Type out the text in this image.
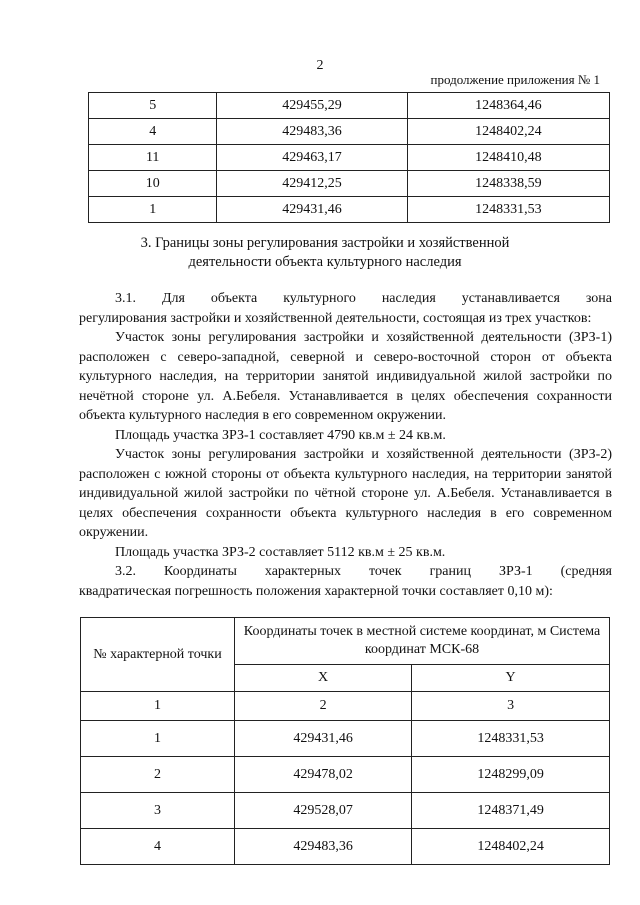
2
продолжение приложения № 1
5	429455,29	1248364,46
4	429483,36	1248402,24
11	429463,17	1248410,48
10	429412,25	1248338,59
1	429431,46	1248331,53
3. Границы зоны регулирования застройки и хозяйственной
деятельности объекта культурного наследия
3.1. Для объекта культурного наследия устанавливается зона

регулирования застройки и хозяйственной деятельности, состоящая из трех участков:

Участок зоны регулирования застройки и хозяйственной деятельности (ЗРЗ-1) расположен с северо-западной, северной и северо-восточной сторон от объекта культурного наследия, на территории занятой индивидуальной жилой застройки по нечётной стороне ул. А.Бебеля. Устанавливается в целях обеспечения сохранности объекта культурного наследия в его современном окружении.

Площадь участка ЗРЗ-1 составляет 4790 кв.м ± 24 кв.м.

Участок зоны регулирования застройки и хозяйственной деятельности (ЗРЗ-2) расположен с южной стороны от объекта культурного наследия, на территории занятой индивидуальной жилой застройки по чётной стороне ул. А.Бебеля. Устанавливается в целях обеспечения сохранности объекта культурного наследия в его современном окружении.

Площадь участка ЗРЗ-2 составляет 5112 кв.м ± 25 кв.м.

3.2. Координаты характерных точек границ ЗРЗ-1 (средняя

квадратическая погрешность положения характерной точки составляет 0,10 м):

№ характерной точки	Координаты точек в местной системе координат, м Система координат МСК-68	
	X	Y
1	2	3
1	429431,46	1248331,53
2	429478,02	1248299,09
3	429528,07	1248371,49
4	429483,36	1248402,24
